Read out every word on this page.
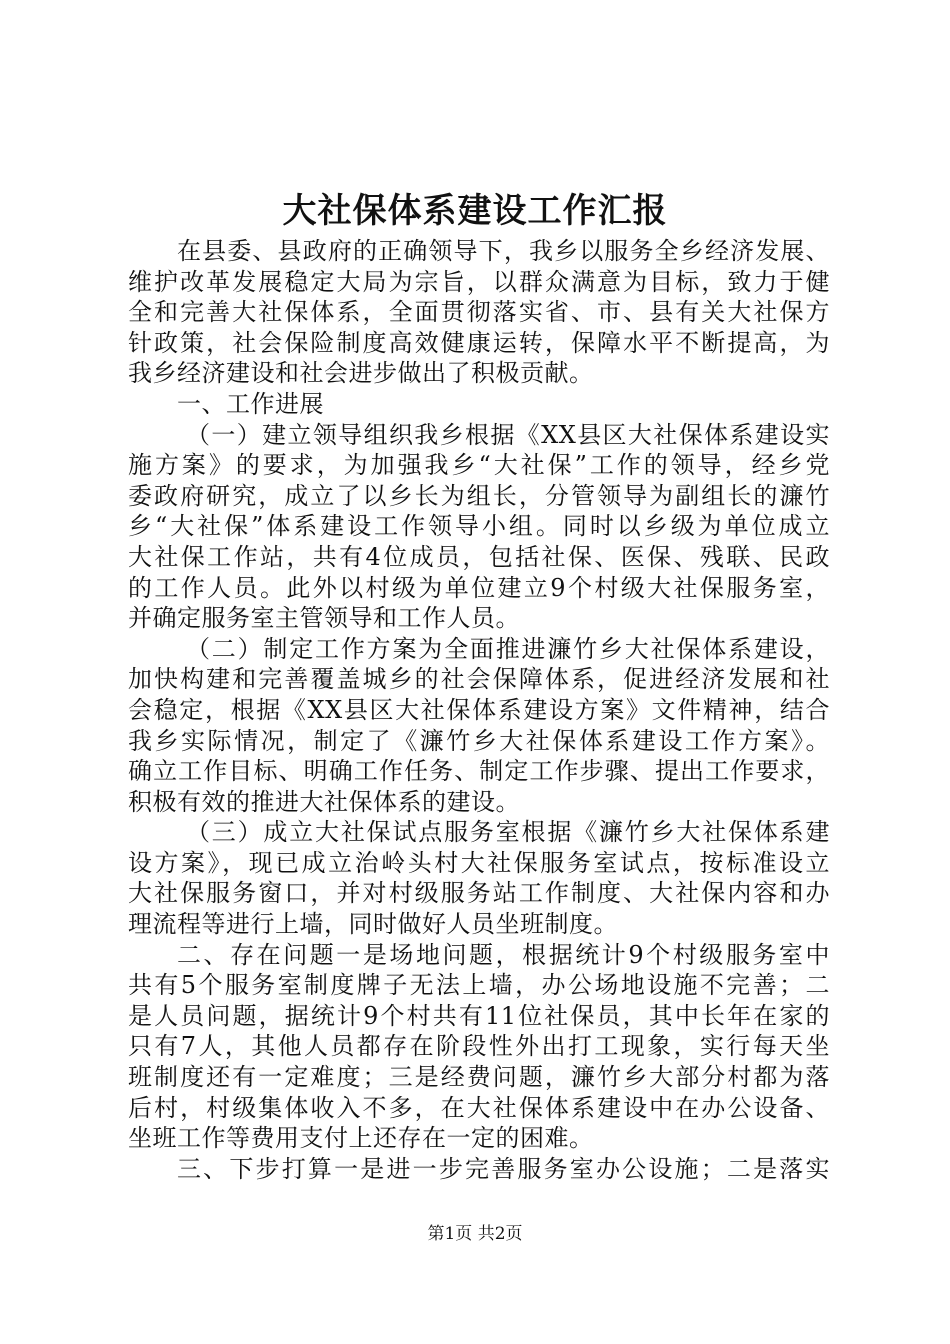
大社保体系建设工作汇报
在县委、县政府的正确领导下，我乡以服务全乡经济发展、
维护改革发展稳定大局为宗旨，以群众满意为目标，致力于健
全和完善大社保体系，全面贯彻落实省、市、县有关大社保方
针政策，社会保险制度高效健康运转，保障水平不断提高，为
我乡经济建设和社会进步做出了积极贡献。
一、工作进展
（一）建立领导组织我乡根据《XX县区大社保体系建设实
施方案》的要求，为加强我乡“大社保”工作的领导，经乡党
委政府研究，成立了以乡长为组长，分管领导为副组长的濂竹
乡“大社保”体系建设工作领导小组。同时以乡级为单位成立
大社保工作站，共有4位成员，包括社保、医保、残联、民政
的工作人员。此外以村级为单位建立9个村级大社保服务室，
并确定服务室主管领导和工作人员。
（二）制定工作方案为全面推进濂竹乡大社保体系建设，
加快构建和完善覆盖城乡的社会保障体系，促进经济发展和社
会稳定，根据《XX县区大社保体系建设方案》文件精神，结合
我乡实际情况，制定了《濂竹乡大社保体系建设工作方案》。
确立工作目标、明确工作任务、制定工作步骤、提出工作要求，
积极有效的推进大社保体系的建设。
（三）成立大社保试点服务室根据《濂竹乡大社保体系建
设方案》，现已成立治岭头村大社保服务室试点，按标准设立
大社保服务窗口，并对村级服务站工作制度、大社保内容和办
理流程等进行上墙，同时做好人员坐班制度。
二、存在问题一是场地问题，根据统计9个村级服务室中
共有5个服务室制度牌子无法上墙，办公场地设施不完善；二
是人员问题，据统计9个村共有11位社保员，其中长年在家的
只有7人，其他人员都存在阶段性外出打工现象，实行每天坐
班制度还有一定难度；三是经费问题，濂竹乡大部分村都为落
后村，村级集体收入不多，在大社保体系建设中在办公设备、
坐班工作等费用支付上还存在一定的困难。
三、下步打算一是进一步完善服务室办公设施；二是落实
第1页 共2页
